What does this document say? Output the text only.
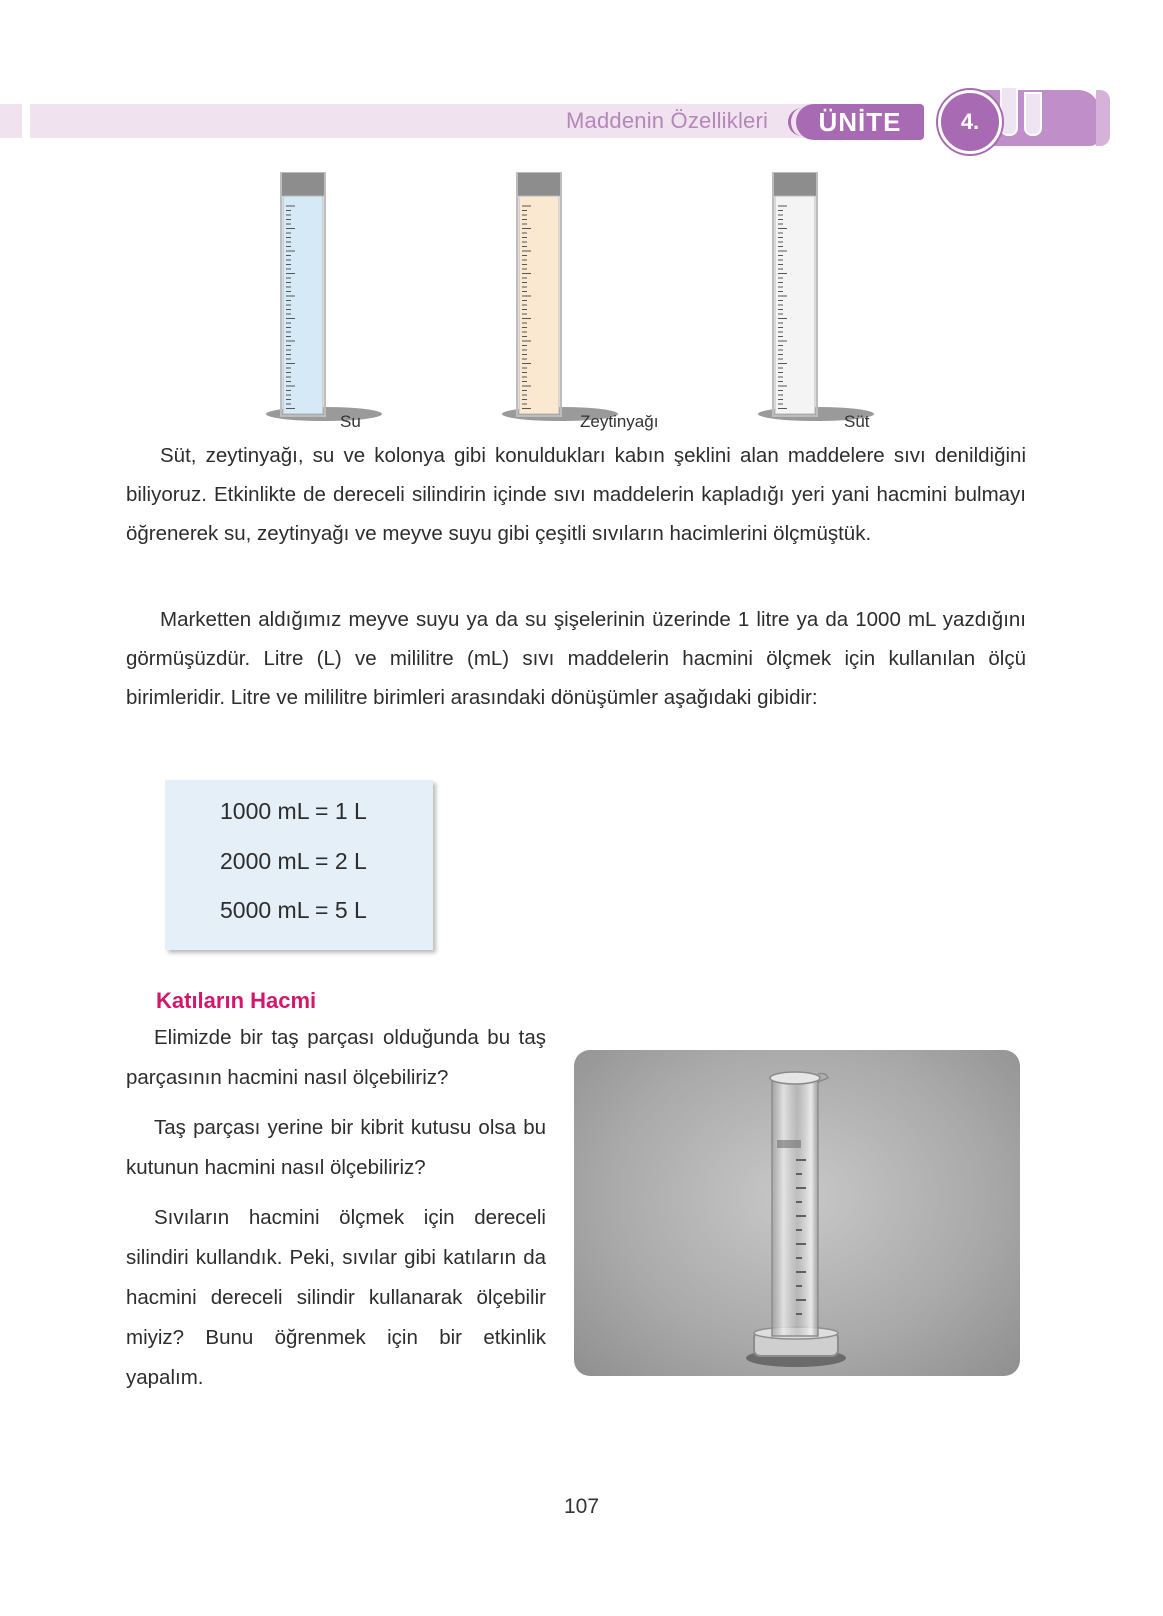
Maddenin Özellikleri	ÜNİTE	4.
Su	Zeytinyağı	Süt
Süt, zeytinyağı, su ve kolonya gibi konuldukları kabın şeklini alan maddelere sıvı denildiğini biliyoruz. Etkinlikte de dereceli silindirin içinde sıvı maddelerin kapladığı yeri yani hacmini bulmayı öğrenerek su, zeytinyağı ve meyve suyu gibi çeşitli sıvıların hacimlerini ölçmüştük.
Marketten aldığımız meyve suyu ya da su şişelerinin üzerinde 1 litre ya da 1000 mL yazdığını görmüşüzdür. Litre (L) ve mililitre (mL) sıvı maddelerin hacmini ölçmek için kullanılan ölçü birimleridir. Litre ve mililitre birimleri arasındaki dönüşümler aşağıdaki gibidir:
1000 mL = 1 L
2000 mL = 2 L
5000 mL = 5 L
Katıların Hacmi
Elimizde bir taş parçası olduğunda bu taş parçasının hacmini nasıl ölçebiliriz?
Taş parçası yerine bir kibrit kutusu olsa bu kutunun hacmini nasıl ölçebiliriz?
Sıvıların hacmini ölçmek için dereceli silindiri kullandık. Peki, sıvılar gibi katıların da hacmini dereceli silindir kullanarak ölçebilir miyiz? Bunu öğrenmek için bir etkinlik yapalım.
107
